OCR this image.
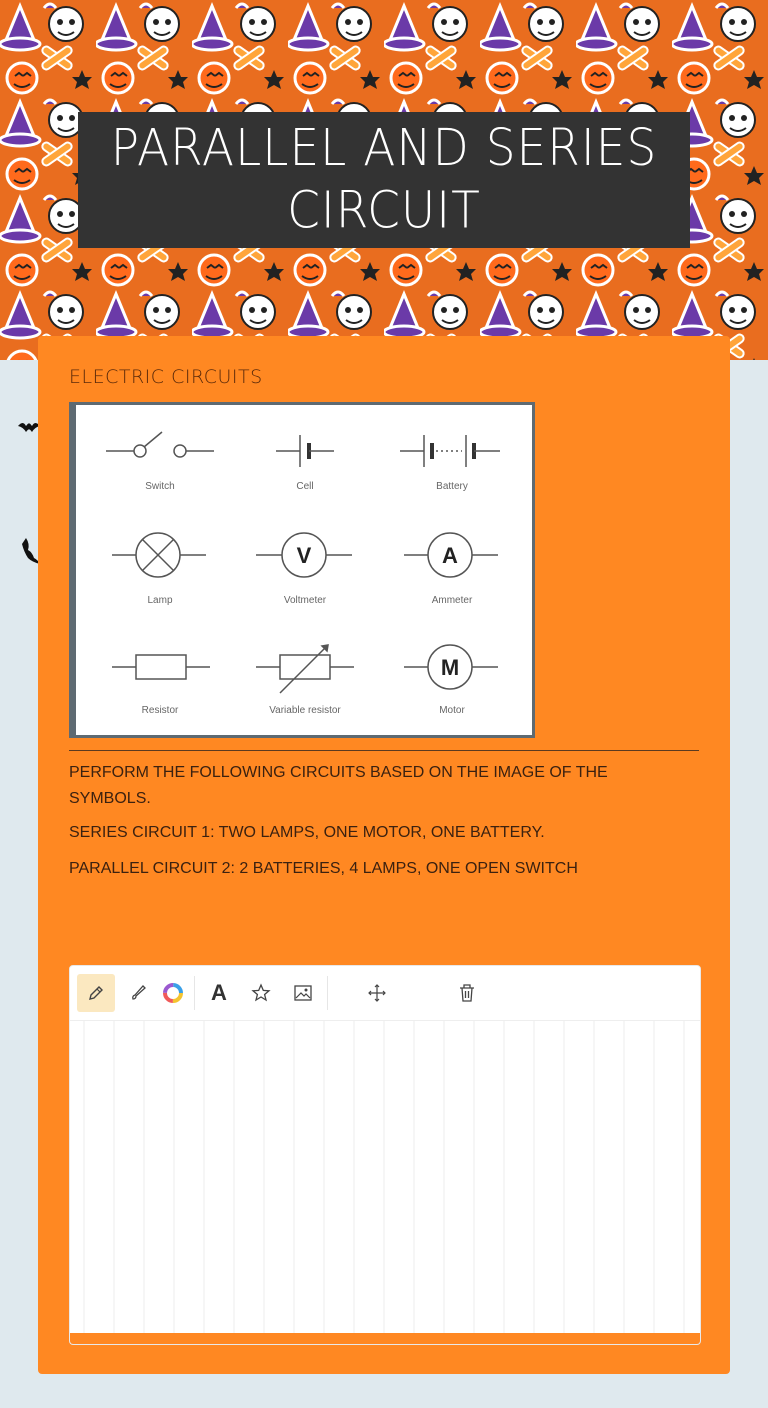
PARALLEL AND SERIES CIRCUIT
ELECTRIC CIRCUITS
V	A
M
Switch	Cell	Battery
Lamp	Voltmeter	Ammeter
Resistor	Variable resistor	Motor
PERFORM THE FOLLOWING CIRCUITS BASED ON THE IMAGE OF THE SYMBOLS.
SERIES CIRCUIT 1: TWO LAMPS, ONE MOTOR, ONE BATTERY.
PARALLEL CIRCUIT 2: 2 BATTERIES, 4 LAMPS, ONE OPEN SWITCH
A
